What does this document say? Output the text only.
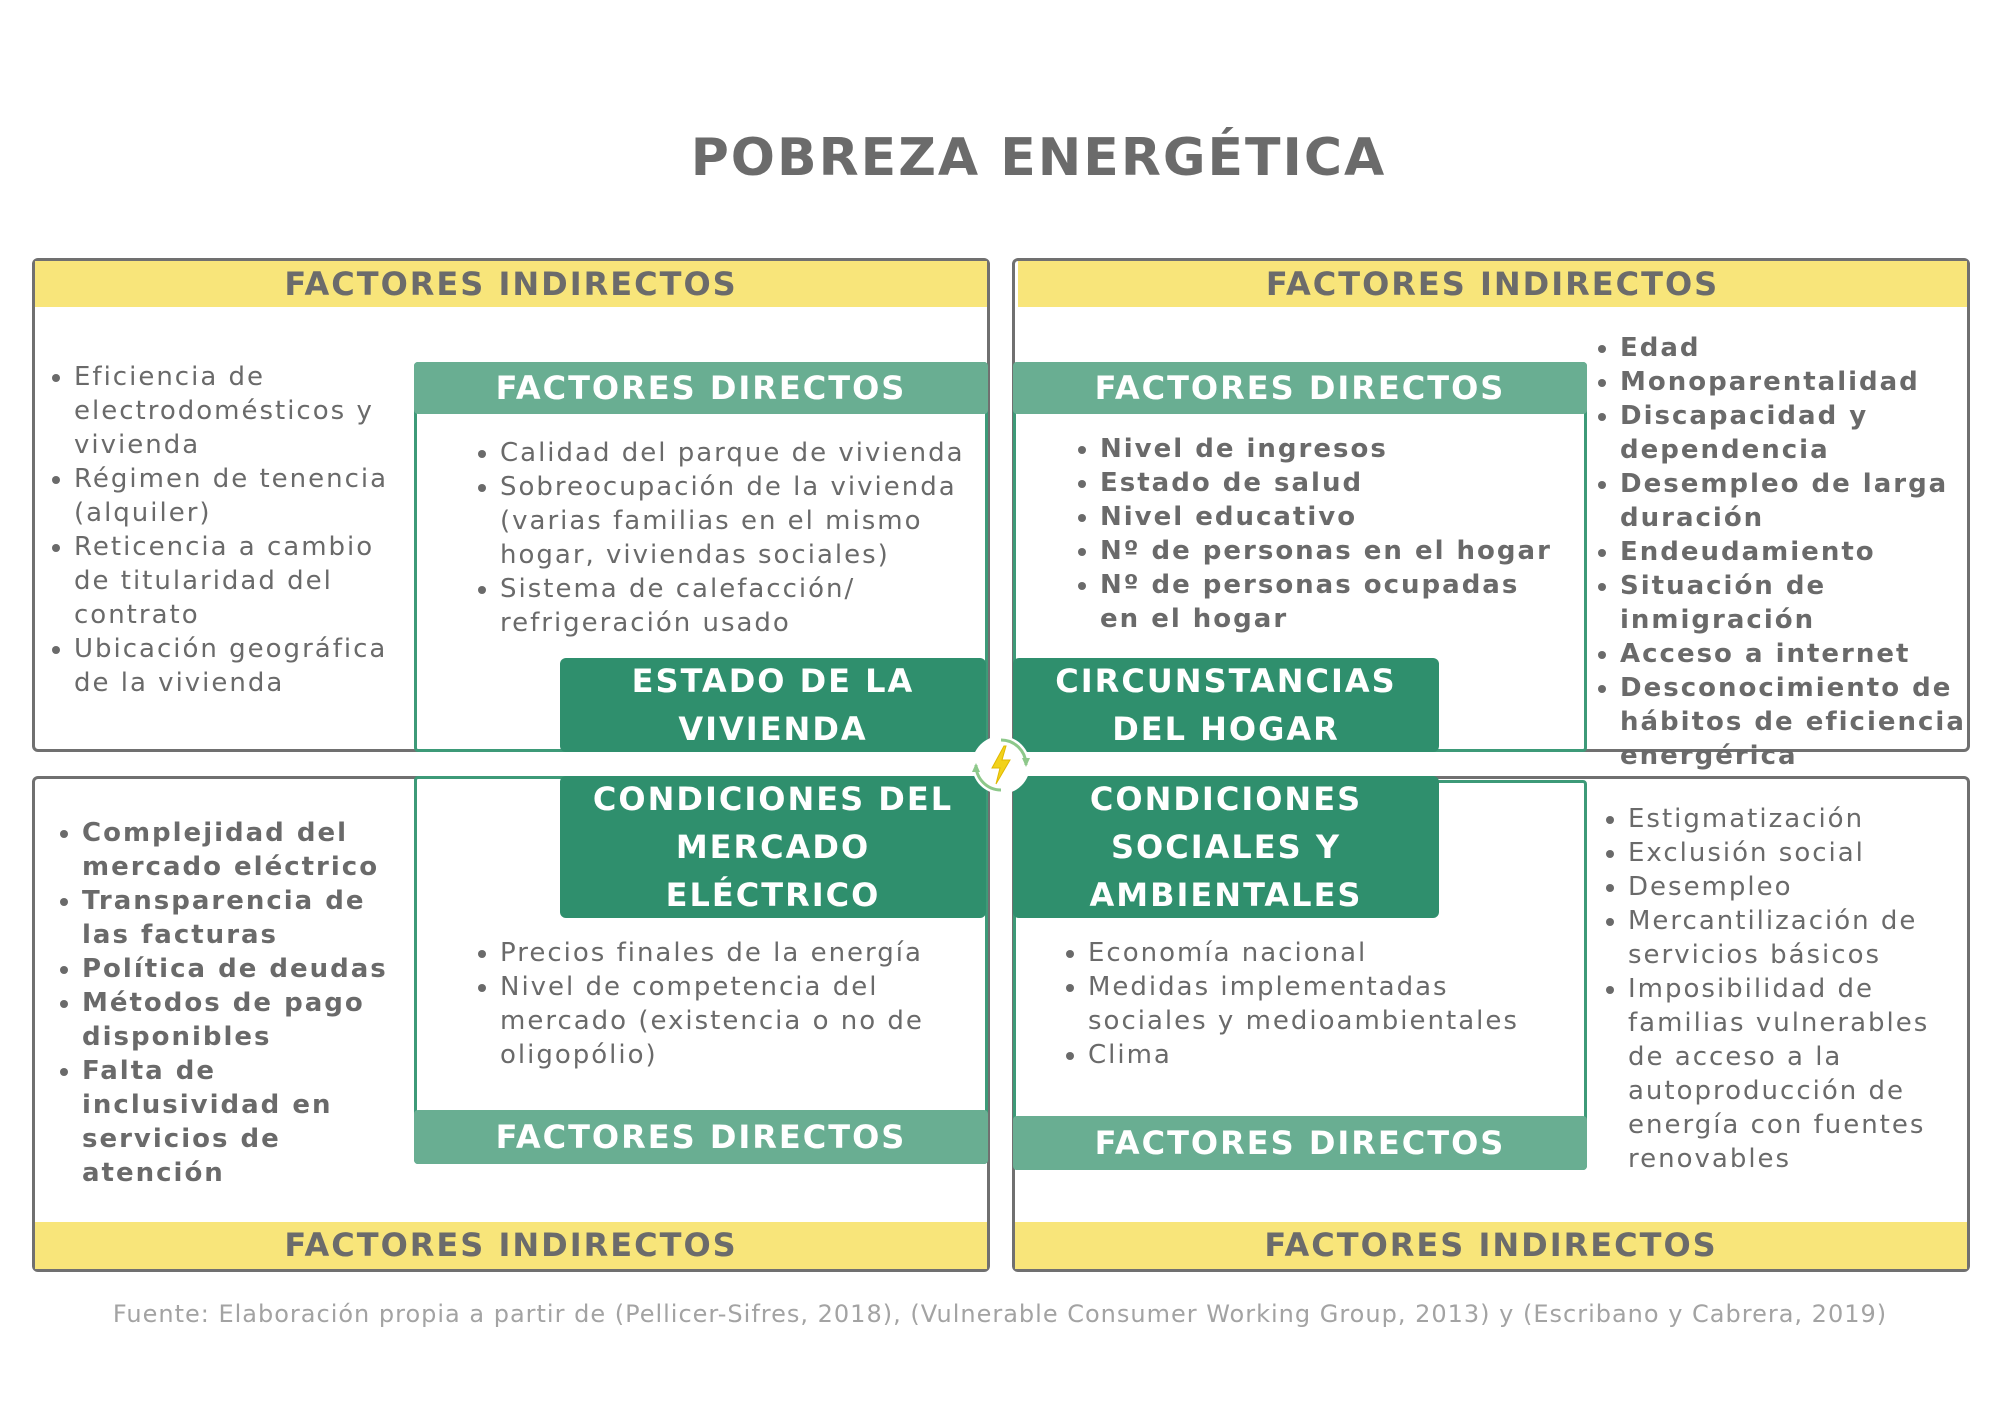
POBREZA ENERGÉTICA
FACTORES INDIRECTOS	FACTORES INDIRECTOS
FACTORES INDIRECTOS	FACTORES INDIRECTOS
FACTORES DIRECTOS	FACTORES DIRECTOS
FACTORES DIRECTOS	FACTORES DIRECTOS
ESTADO DE LA
VIVIENDA
CIRCUNSTANCIAS
DEL HOGAR
CONDICIONES DEL
MERCADO
ELÉCTRICO
CONDICIONES
SOCIALES Y
AMBIENTALES
• Eficiencia de electrodomésticos y vivienda
• Régimen de tenencia (alquiler)
• Reticencia a cambio de titularidad del contrato
• Ubicación geográfica de la vivienda
• Calidad del parque de vivienda
• Sobreocupación de la vivienda (varias familias en el mismo hogar, viviendas sociales)
• Sistema de calefacción/ refrigeración usado
• Nivel de ingresos
• Estado de salud
• Nivel educativo
• Nº de personas en el hogar
• Nº de personas ocupadas en el hogar
• Edad
• Monoparentalidad
• Discapacidad y dependencia
• Desempleo de larga duración
• Endeudamiento
• Situación de inmigración
• Acceso a internet
• Desconocimiento de hábitos de eficiencia energérica
• Complejidad del mercado eléctrico
• Transparencia de las facturas
• Política de deudas
• Métodos de pago disponibles
• Falta de inclusividad en servicios de atención
• Precios finales de la energía
• Nivel de competencia del mercado (existencia o no de oligopólio)
• Economía nacional
• Medidas implementadas sociales y medioambientales
• Clima
• Estigmatización
• Exclusión social
• Desempleo
• Mercantilización de servicios básicos
• Imposibilidad de familias vulnerables de acceso a la autoproducción de energía con fuentes renovables
Fuente: Elaboración propia a partir de (Pellicer-Sifres, 2018), (Vulnerable Consumer Working Group, 2013) y (Escribano y Cabrera, 2019)
